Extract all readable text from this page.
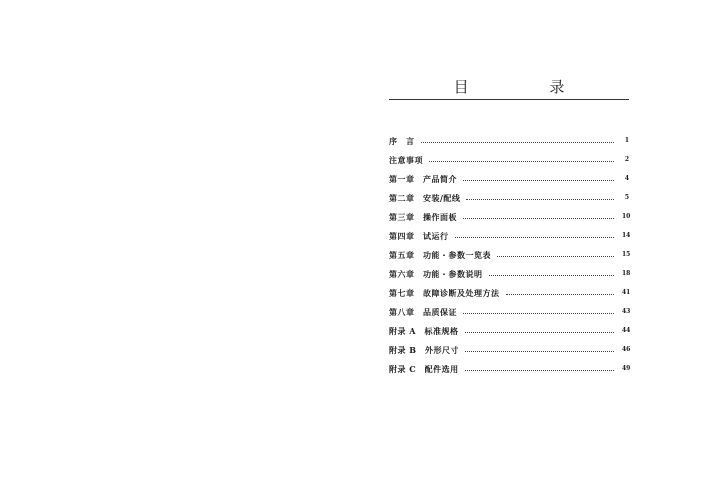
目 录
序　言	1
注意事项	2
第一章　产品简介	4
第二章　安装/配线	5
第三章　操作面板	10
第四章　试运行	14
第五章　功能・参数一览表	15
第六章　功能・参数说明	18
第七章　故障诊断及处理方法	41
第八章　品质保证	43
附录 A　标准规格	44
附录 B　外形尺寸	46
附录 C　配件选用	49
